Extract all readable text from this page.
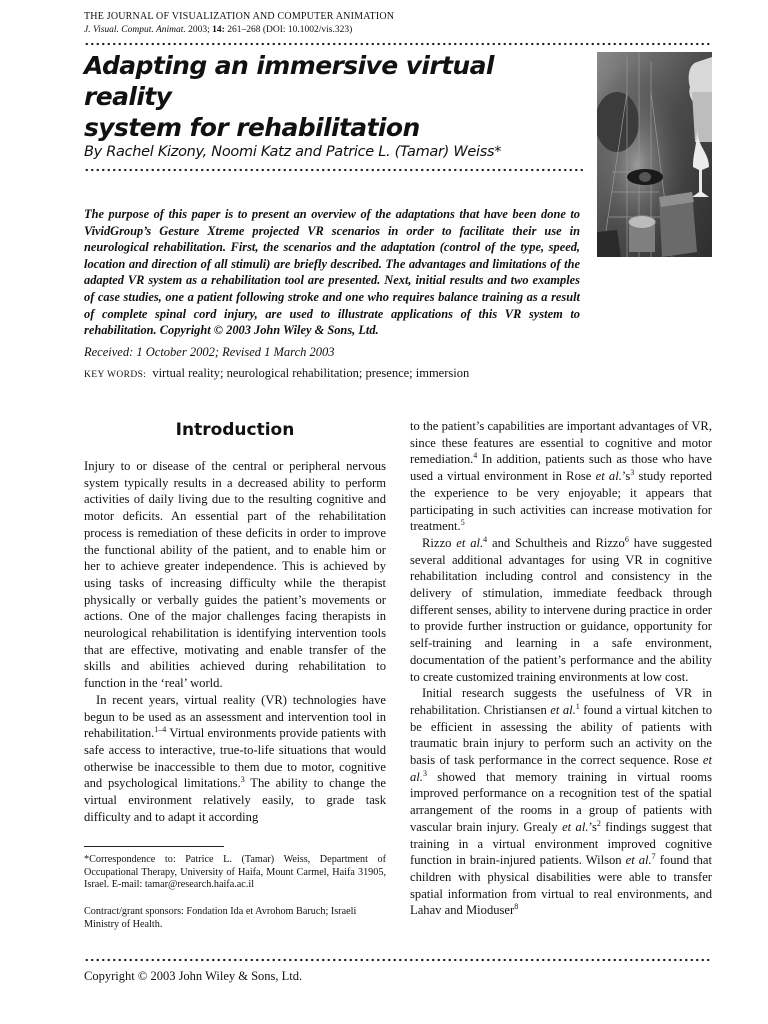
THE JOURNAL OF VISUALIZATION AND COMPUTER ANIMATION
J. Visual. Comput. Animat. 2003; 14: 261–268 (DOI: 10.1002/vis.323)
Adapting an immersive virtual reality
system for rehabilitation
By Rachel Kizony, Noomi Katz and Patrice L. (Tamar) Weiss*
The purpose of this paper is to present an overview of the adaptations that have been done to VividGroup’s Gesture Xtreme projected VR scenarios in order to facilitate their use in neurological rehabilitation. First, the scenarios and the adaptation (control of the type, speed, location and direction of all stimuli) are briefly described. The advantages and limitations of the adapted VR system as a rehabilitation tool are presented. Next, initial results and two examples of case studies, one a patient following stroke and one who requires balance training as a result of complete spinal cord injury, are used to illustrate applications of this VR system to rehabilitation. Copyright © 2003 John Wiley & Sons, Ltd.
Received: 1 October 2002; Revised 1 March 2003
KEY WORDS: virtual reality; neurological rehabilitation; presence; immersion
Introduction

Injury to or disease of the central or peripheral nervous system typically results in a decreased ability to perform activities of daily living due to the resulting cognitive and motor deficits. An essential part of the rehabilitation process is remediation of these deficits in order to improve the functional ability of the patient, and to enable him or her to achieve greater independence. This is achieved by using tasks of increasing difficulty while the therapist physically or verbally guides the patient’s movements or actions. One of the major challenges facing therapists in neurological rehabilitation is identifying intervention tools that are effective, motivating and enable transfer of the skills and abilities achieved during rehabilitation to function in the ‘real’ world.

In recent years, virtual reality (VR) technologies have begun to be used as an assessment and intervention tool in rehabilitation.$^{1-4}$ Virtual environments provide patients with safe access to interactive, true-to-life situations that would otherwise be inaccessible to them due to motor, cognitive and psychological limitations.$^3$ The ability to change the virtual environment relatively easily, to grade task difficulty and to adapt it according

to the patient’s capabilities are important advantages of VR, since these features are essential to cognitive and motor remediation.$^4$ In addition, patients such as those who have used a virtual environment in Rose et $al.’s^3$ study reported the experience to be very enjoyable; it appears that participating in such activities can increase motivation for treatment.$^5$

Rizzo et al.$^4$ and Schultheis and Rizzo$^6$ have suggested several additional advantages for using VR in cognitive rehabilitation including control and consistency in the delivery of stimulation, immediate feedback through different senses, ability to intervene during practice in order to provide further instruction or guidance, opportunity for self-training and learning in a safe environment, documentation of the patient’s performance and the ability to create customized training environments at low cost.

Initial research suggests the usefulness of VR in rehabilitation. Christiansen et al.$^1$ found a virtual kitchen to be efficient in assessing the ability of patients with traumatic brain injury to perform such an activity on the basis of task performance in the correct sequence. Rose et al.$^3$ showed that memory training in virtual rooms improved performance on a recognition test of the spatial arrangement of the rooms in a group of patients with vascular brain injury. Grealy et $al.’s^2$ findings suggest that training in a virtual environment improved cognitive function in brain-injured patients. Wilson et al.$^7$ found that children with physical disabilities were able to transfer spatial information from virtual to real environments, and Lahav and Mioduser$^8$

*Correspondence to: Patrice L. (Tamar) Weiss, Department of Occupational Therapy, University of Haifa, Mount Carmel, Haifa 31905, Israel. E-mail: tamar@research.haifa.ac.il
Contract/grant sponsors: Fondation Ida et Avrohom Baruch; Israeli Ministry of Health.
Copyright © 2003 John Wiley & Sons, Ltd.
